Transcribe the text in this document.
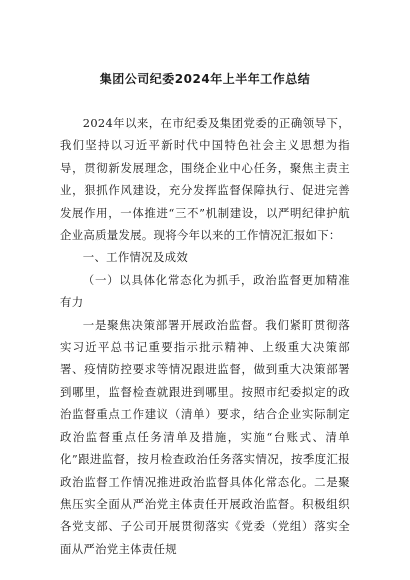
集团公司纪委2024年上半年工作总结

2024年以来，在市纪委及集团党委的正确领导下，我们坚持以习近平新时代中国特色社会主义思想为指导，贯彻新发展理念，围绕企业中心任务，聚焦主责主业，狠抓作风建设，充分发挥监督保障执行、促进完善发展作用，一体推进“三不”机制建设，以严明纪律护航企业高质量发展。现将今年以来的工作情况汇报如下：

一、工作情况及成效

（一）以具体化常态化为抓手，政治监督更加精准有力

一是聚焦决策部署开展政治监督。我们紧盯贯彻落实习近平总书记重要指示批示精神、上级重大决策部署、疫情防控要求等情况跟进监督，做到重大决策部署到哪里，监督检查就跟进到哪里。按照市纪委拟定的政治监督重点工作建议（清单）要求，结合企业实际制定政治监督重点任务清单及措施，实施“台账式、清单化”跟进监督，按月检查政治任务落实情况，按季度汇报政治监督工作情况推进政治监督具体化常态化。二是聚焦压实全面从严治党主体责任开展政治监督。积极组织各党支部、子公司开展贯彻落实《党委（党组）落实全面从严治党主体责任规
